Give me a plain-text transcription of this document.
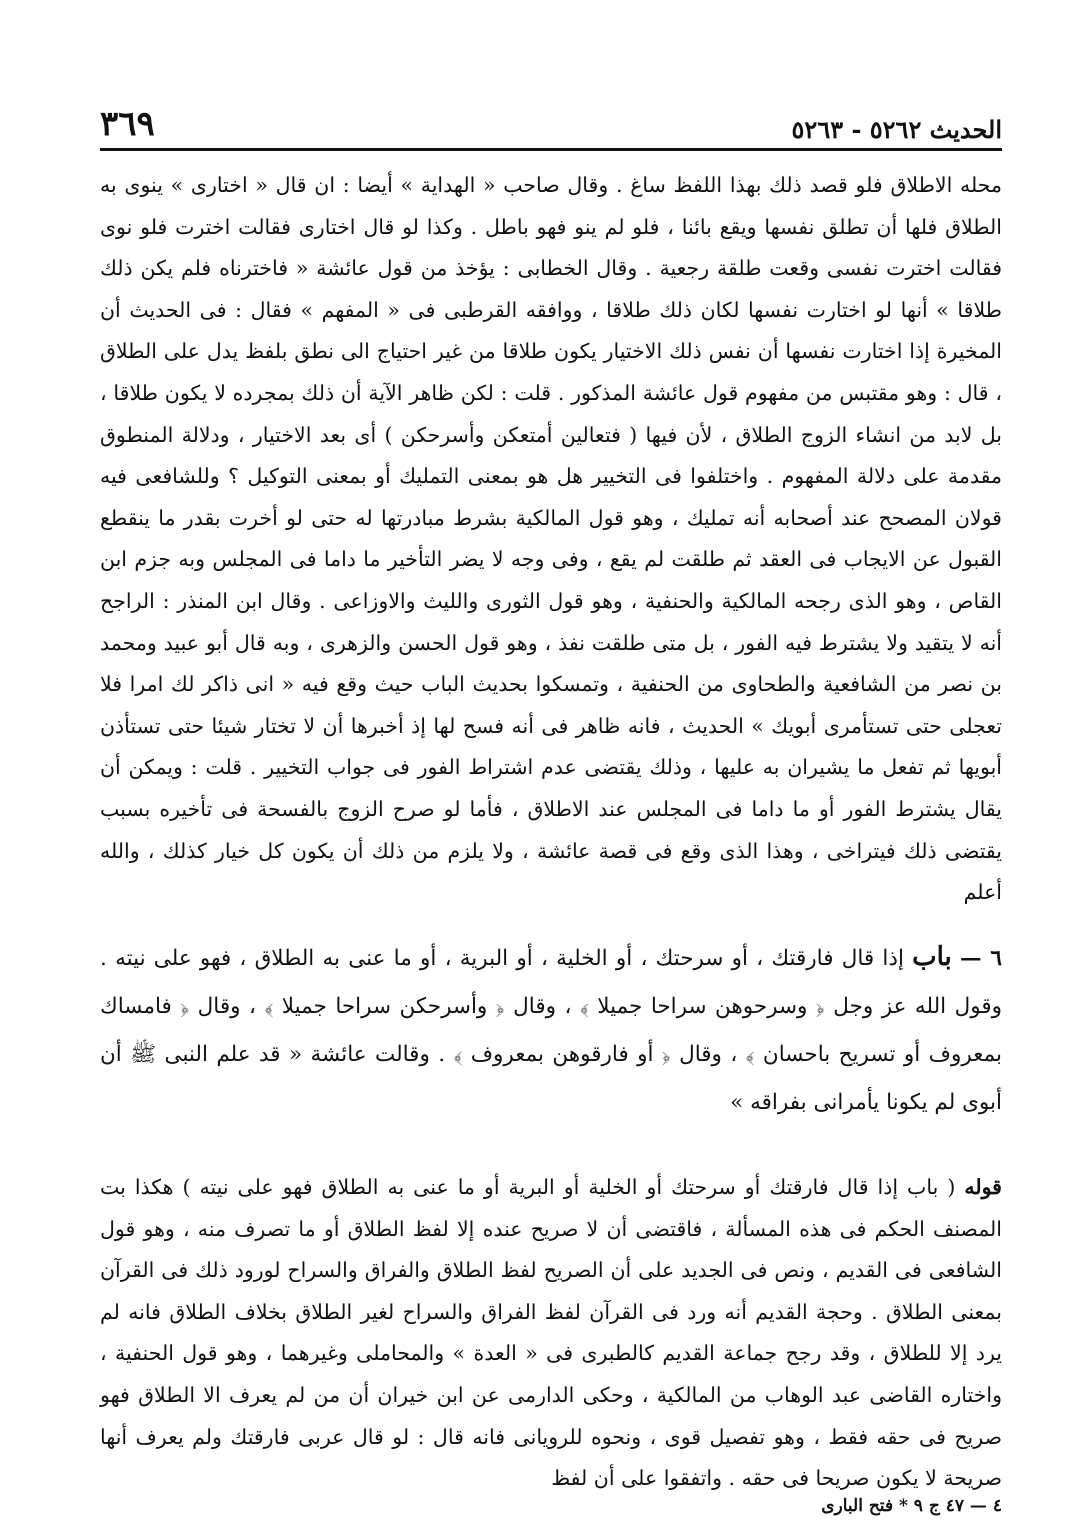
٣٦٩	الحديث ٥٢٦٢ - ٥٢٦٣

محله الاطلاق فلو قصد ذلك بهذا اللفظ ساغ . وقال صاحب « الهداية » أيضا : ان قال « اختارى » ينوى به الطلاق فلها أن تطلق نفسها ويقع بائنا ، فلو لم ينو فهو باطل . وكذا لو قال اختارى فقالت اخترت فلو نوى فقالت اخترت نفسى وقعت طلقة رجعية . وقال الخطابى : يؤخذ من قول عائشة « فاخترناه فلم يكن ذلك طلاقا » أنها لو اختارت نفسها لكان ذلك طلاقا ، ووافقه القرطبى فى « المفهم » فقال : فى الحديث أن المخيرة إذا اختارت نفسها أن نفس ذلك الاختيار يكون طلاقا من غير احتياج الى نطق بلفظ يدل على الطلاق ، قال : وهو مقتبس من مفهوم قول عائشة المذكور . قلت : لكن ظاهر الآية أن ذلك بمجرده لا يكون طلاقا ، بل لابد من انشاء الزوج الطلاق ، لأن فيها ( فتعالين أمتعكن وأسرحكن ) أى بعد الاختيار ، ودلالة المنطوق مقدمة على دلالة المفهوم . واختلفوا فى التخيير هل هو بمعنى التمليك أو بمعنى التوكيل ؟ وللشافعى فيه قولان المصحح عند أصحابه أنه تمليك ، وهو قول المالكية بشرط مبادرتها له حتى لو أخرت بقدر ما ينقطع القبول عن الايجاب فى العقد ثم طلقت لم يقع ، وفى وجه لا يضر التأخير ما داما فى المجلس وبه جزم ابن القاص ، وهو الذى رجحه المالكية والحنفية ، وهو قول الثورى والليث والاوزاعى . وقال ابن المنذر : الراجح أنه لا يتقيد ولا يشترط فيه الفور ، بل متى طلقت نفذ ، وهو قول الحسن والزهرى ، وبه قال أبو عبيد ومحمد بن نصر من الشافعية والطحاوى من الحنفية ، وتمسكوا بحديث الباب حيث وقع فيه « انى ذاكر لك امرا فلا تعجلى حتى تستأمرى أبويك » الحديث ، فانه ظاهر فى أنه فسح لها إذ أخبرها أن لا تختار شيئا حتى تستأذن أبويها ثم تفعل ما يشيران به عليها ، وذلك يقتضى عدم اشتراط الفور فى جواب التخيير . قلت : ويمكن أن يقال يشترط الفور أو ما داما فى المجلس عند الاطلاق ، فأما لو صرح الزوج بالفسحة فى تأخيره بسبب يقتضى ذلك فيتراخى ، وهذا الذى وقع فى قصة عائشة ، ولا يلزم من ذلك أن يكون كل خيار كذلك ، والله أعلم

٦ — باب إذا قال فارقتك ، أو سرحتك ، أو الخلية ، أو البرية ، أو ما عنى به الطلاق ، فهو على نيته . وقول الله عز وجل ﴿ وسرحوهن سراحا جميلا ﴾ ، وقال ﴿ وأسرحكن سراحا جميلا ﴾ ، وقال ﴿ فامساك بمعروف أو تسريح باحسان ﴾ ، وقال ﴿ أو فارقوهن بمعروف ﴾ . وقالت عائشة « قد علم النبى ﷺ أن أبوى لم يكونا يأمرانى بفراقه »

قوله ( باب إذا قال فارقتك أو سرحتك أو الخلية أو البرية أو ما عنى به الطلاق فهو على نيته ) هكذا بت المصنف الحكم فى هذه المسألة ، فاقتضى أن لا صريح عنده إلا لفظ الطلاق أو ما تصرف منه ، وهو قول الشافعى فى القديم ، ونص فى الجديد على أن الصريح لفظ الطلاق والفراق والسراح لورود ذلك فى القرآن بمعنى الطلاق . وحجة القديم أنه ورد فى القرآن لفظ الفراق والسراح لغير الطلاق بخلاف الطلاق فانه لم يرد إلا للطلاق ، وقد رجح جماعة القديم كالطبرى فى « العدة » والمحاملى وغيرهما ، وهو قول الحنفية ، واختاره القاضى عبد الوهاب من المالكية ، وحكى الدارمى عن ابن خيران أن من لم يعرف الا الطلاق فهو صريح فى حقه فقط ، وهو تفصيل قوى ، ونحوه للرويانى فانه قال : لو قال عربى فارقتك ولم يعرف أنها صريحة لا يكون صريحا فى حقه . واتفقوا على أن لفظ

٤ — ٤٧ ج ٩ * فتح البارى
